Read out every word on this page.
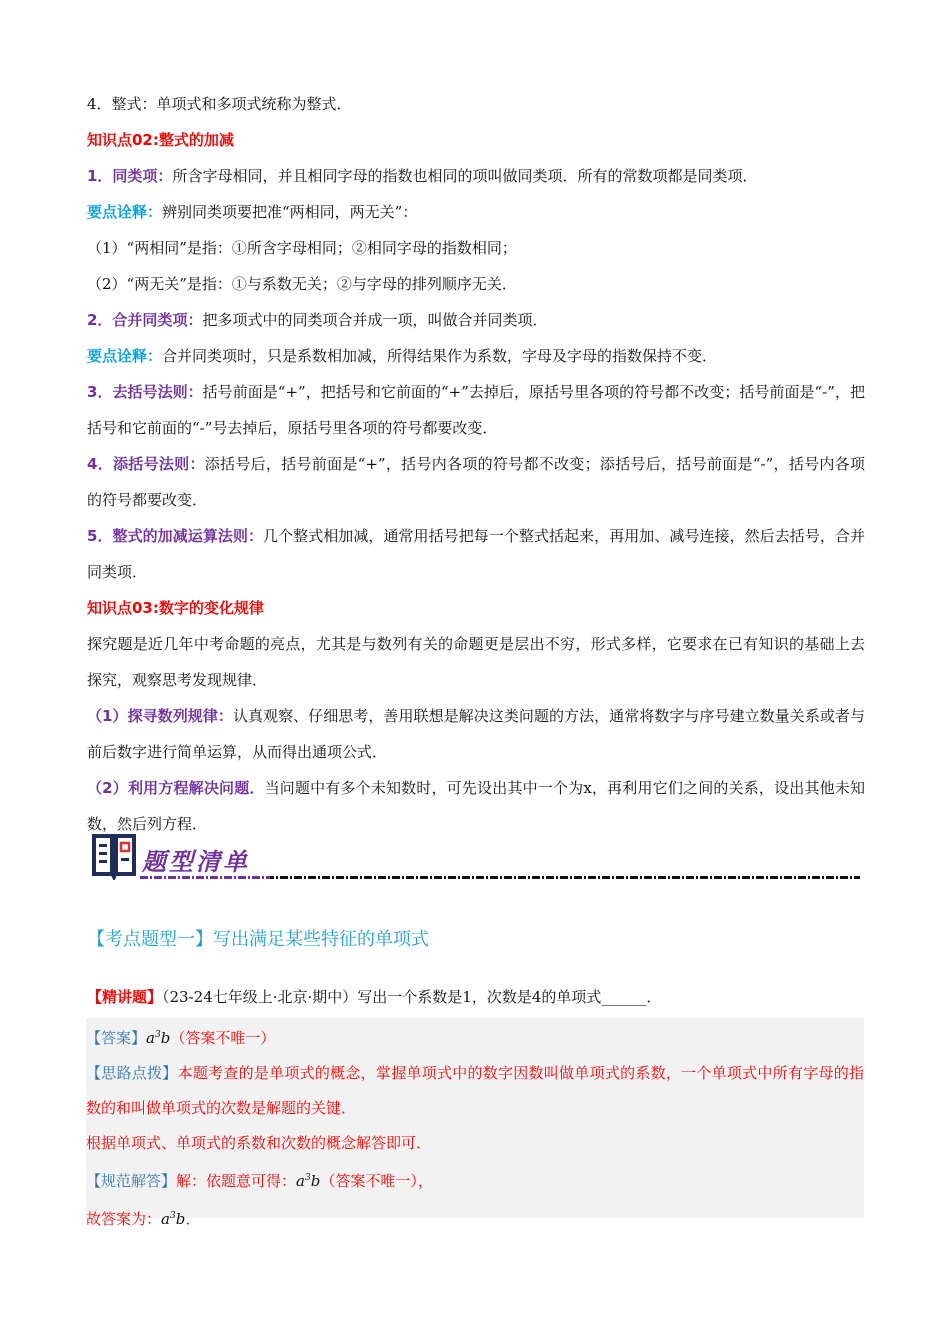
4．整式：单项式和多项式统称为整式．

知识点02:整式的加减

1．同类项：所含字母相同，并且相同字母的指数也相同的项叫做同类项．所有的常数项都是同类项．

要点诠释：辨别同类项要把准“两相同，两无关”：

（1）“两相同”是指：①所含字母相同；②相同字母的指数相同；

（2）“两无关”是指：①与系数无关；②与字母的排列顺序无关．

2．合并同类项：把多项式中的同类项合并成一项，叫做合并同类项．

要点诠释：合并同类项时，只是系数相加减，所得结果作为系数，字母及字母的指数保持不变．

3．去括号法则：括号前面是“+”，把括号和它前面的“+”去掉后，原括号里各项的符号都不改变；括号前面是“-”，把括号和它前面的“-”号去掉后，原括号里各项的符号都要改变．

4．添括号法则：添括号后，括号前面是“+”，括号内各项的符号都不改变；添括号后，括号前面是“-”，括号内各项的符号都要改变．

5．整式的加减运算法则：几个整式相加减，通常用括号把每一个整式括起来，再用加、减号连接，然后去括号，合并同类项．

知识点03:数字的变化规律

探究题是近几年中考命题的亮点，尤其是与数列有关的命题更是层出不穷，形式多样，它要求在已有知识的基础上去探究，观察思考发现规律．

（1）探寻数列规律：认真观察、仔细思考，善用联想是解决这类问题的方法，通常将数字与序号建立数量关系或者与前后数字进行简单运算，从而得出通项公式．

（2）利用方程解决问题．当问题中有多个未知数时，可先设出其中一个为x，再利用它们之间的关系，设出其他未知数，然后列方程．

题型清单
【考点题型一】写出满足某些特征的单项式
【精讲题】（23-24七年级上·北京·期中）写出一个系数是1，次数是4的单项式______．

【答案】$a^3b$（答案不唯一）

【思路点拨】本题考查的是单项式的概念，掌握单项式中的数字因数叫做单项式的系数，一个单项式中所有字母的指数的和叫做单项式的次数是解题的关键．

根据单项式、单项式的系数和次数的概念解答即可．

【规范解答】解：依题意可得：$a^3b$（答案不唯一），

故答案为：$a^3b$．
